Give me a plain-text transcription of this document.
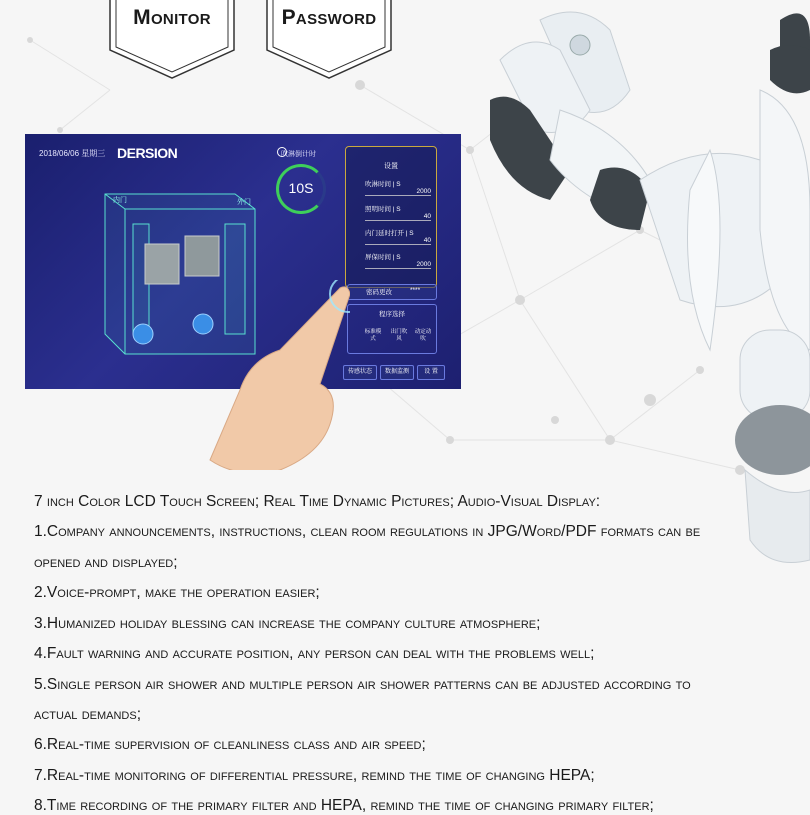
Monitor	Password
2018/06/06 星期三 DERSION	吹淋倒计时
10S
内门	外门
设置
吹淋时间 | S
2000
照明时间 | S
40
内门延时打开 | S
40
屏保时间 | S
2000
密码更改	****
程序选择
标准模式
出门吹风
动定动吹
传感状态	数据监测	设 置
7 inch Color LCD Touch Screen; Real Time Dynamic Pictures; Audio-Visual Display:
1.Company announcements, instructions, clean room regulations in JPG/Word/PDF formats can be
opened and displayed;
2.Voice-prompt, make the operation easier;
3.Humanized holiday blessing can increase the company culture atmosphere;
4.Fault warning and accurate position, any person can deal with the problems well;
5.Single person air shower and multiple person air shower patterns can be adjusted according to
actual demands;
6.Real-time supervision of cleanliness class and air speed;
7.Real-time monitoring of differential pressure, remind the time of changing HEPA;
8.Time recording of the primary filter and HEPA, remind the time of changing primary filter;
